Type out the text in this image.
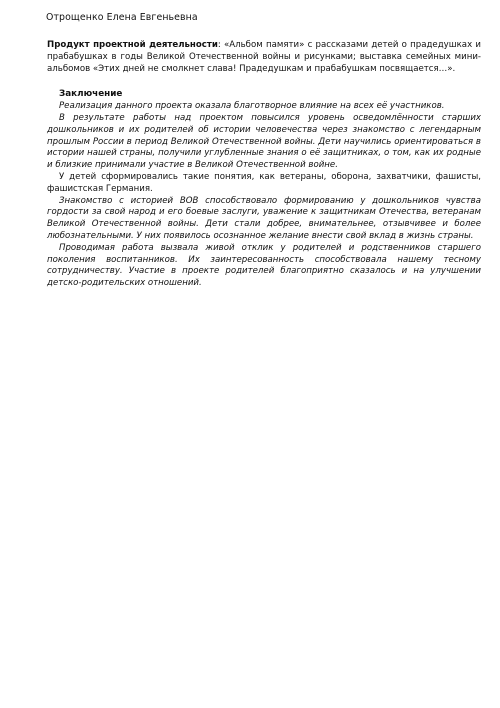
Отрощенко Елена Евгеньевна

Продукт проектной деятельности: «Альбом памяти» с рассказами детей о прадедушках и прабабушках в годы Великой Отечественной войны и рисунками; выставка семейных мини-альбомов «Этих дней не смолкнет слава! Прадедушкам и прабабушкам посвящается…».

Заключение

Реализация данного проекта оказала благотворное влияние на всех её участников.

В результате работы над проектом повысился уровень осведомлённости старших дошкольников и их родителей об истории человечества через знакомство с легендарным прошлым России в период Великой Отечественной войны. Дети научились ориентироваться в истории нашей страны, получили углубленные знания о её защитниках, о том, как их родные и близкие принимали участие в Великой Отечественной войне.

У детей сформировались такие понятия, как ветераны, оборона, захватчики, фашисты, фашистская Германия.

Знакомство с историей ВОВ способствовало формированию у дошкольников чувства гордости за свой народ и его боевые заслуги, уважение к защитникам Отечества, ветеранам Великой Отечественной войны. Дети стали добрее, внимательнее, отзывчивее и более любознательными. У них появилось осознанное желание внести свой вклад в жизнь страны.

Проводимая работа вызвала живой отклик у родителей и родственников старшего поколения воспитанников. Их заинтересованность способствовала нашему тесному сотрудничеству. Участие в проекте родителей благоприятно сказалось и на улучшении детско-родительских отношений.
